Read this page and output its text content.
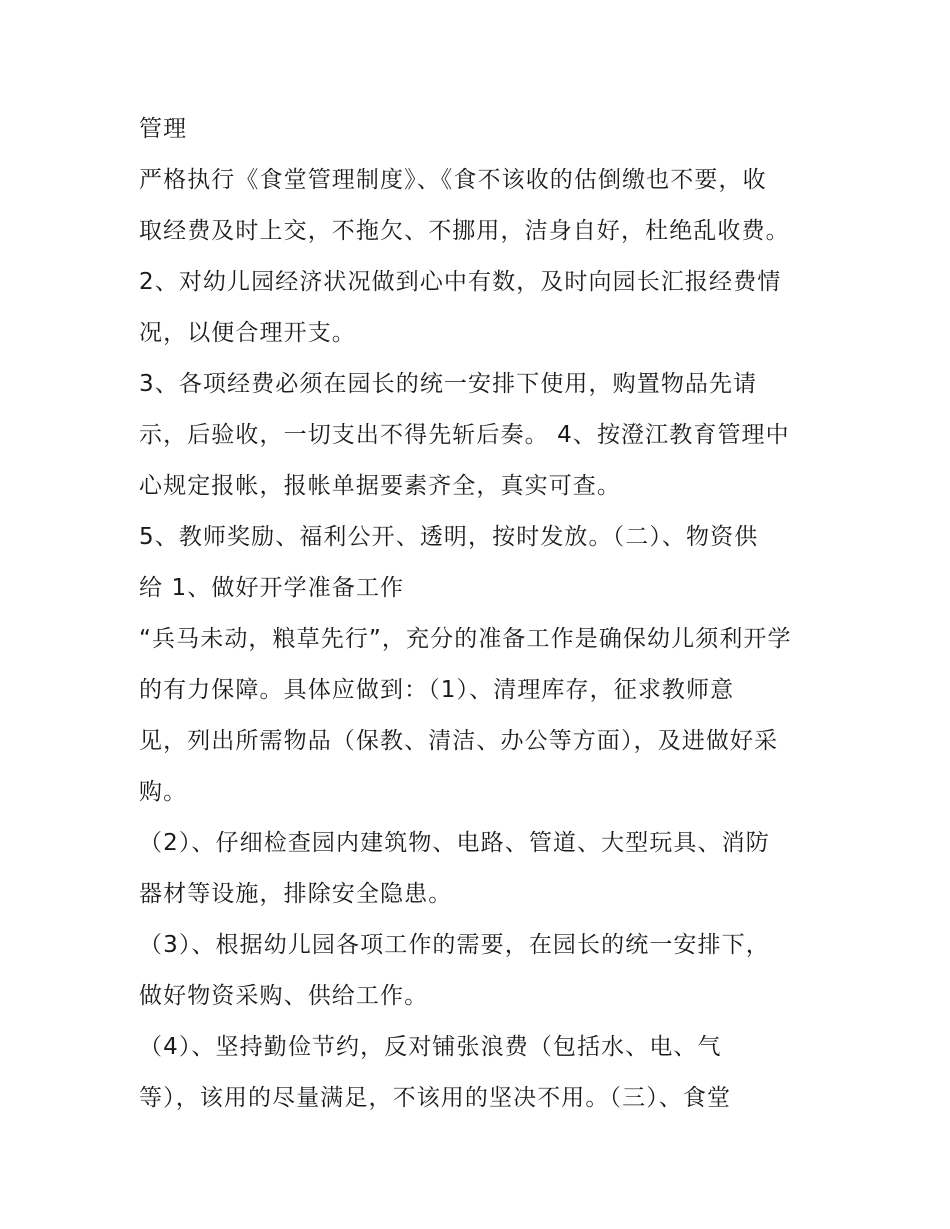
管理
严格执行《食堂管理制度》、《食不该收的估倒缴也不要，收
取经费及时上交，不拖欠、不挪用，洁身自好，杜绝乱收费。
2、对幼儿园经济状况做到心中有数，及时向园长汇报经费情
况，以便合理开支。
3、各项经费必须在园长的统一安排下使用，购置物品先请
示，后验收，一切支出不得先斩后奏。 4、按澄江教育管理中
心规定报帐，报帐单据要素齐全，真实可查。
5、教师奖励、福利公开、透明，按时发放。（二）、物资供
给 1、做好开学准备工作
“兵马未动，粮草先行”，充分的准备工作是确保幼儿须利开学
的有力保障。具体应做到：（1）、清理库存，征求教师意
见，列出所需物品（保教、清洁、办公等方面），及进做好采
购。
（2）、仔细检查园内建筑物、电路、管道、大型玩具、消防
器材等设施，排除安全隐患。
（3）、根据幼儿园各项工作的需要，在园长的统一安排下，
做好物资采购、供给工作。
（4）、坚持勤俭节约，反对铺张浪费（包括水、电、气
等），该用的尽量满足，不该用的坚决不用。（三）、食堂
